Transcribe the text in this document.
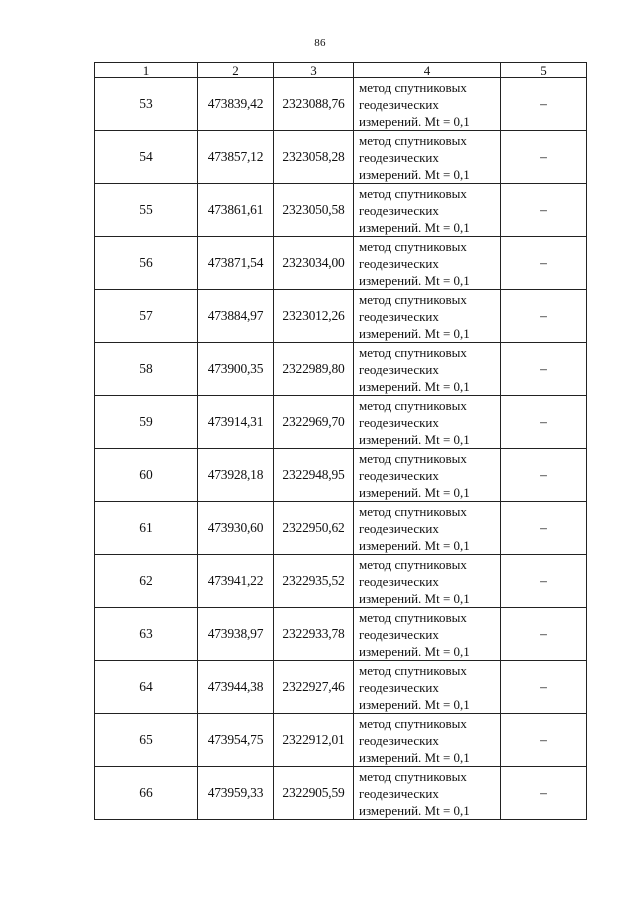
86
1	2	3	4	5
53	473839,42	2323088,76	метод спутниковых
геодезических
измерений. Mt = 0,1	–
54	473857,12	2323058,28	метод спутниковых
геодезических
измерений. Mt = 0,1	–
55	473861,61	2323050,58	метод спутниковых
геодезических
измерений. Mt = 0,1	–
56	473871,54	2323034,00	метод спутниковых
геодезических
измерений. Mt = 0,1	–
57	473884,97	2323012,26	метод спутниковых
геодезических
измерений. Mt = 0,1	–
58	473900,35	2322989,80	метод спутниковых
геодезических
измерений. Mt = 0,1	–
59	473914,31	2322969,70	метод спутниковых
геодезических
измерений. Mt = 0,1	–
60	473928,18	2322948,95	метод спутниковых
геодезических
измерений. Mt = 0,1	–
61	473930,60	2322950,62	метод спутниковых
геодезических
измерений. Mt = 0,1	–
62	473941,22	2322935,52	метод спутниковых
геодезических
измерений. Mt = 0,1	–
63	473938,97	2322933,78	метод спутниковых
геодезических
измерений. Mt = 0,1	–
64	473944,38	2322927,46	метод спутниковых
геодезических
измерений. Mt = 0,1	–
65	473954,75	2322912,01	метод спутниковых
геодезических
измерений. Mt = 0,1	–
66	473959,33	2322905,59	метод спутниковых
геодезических
измерений. Mt = 0,1	–
